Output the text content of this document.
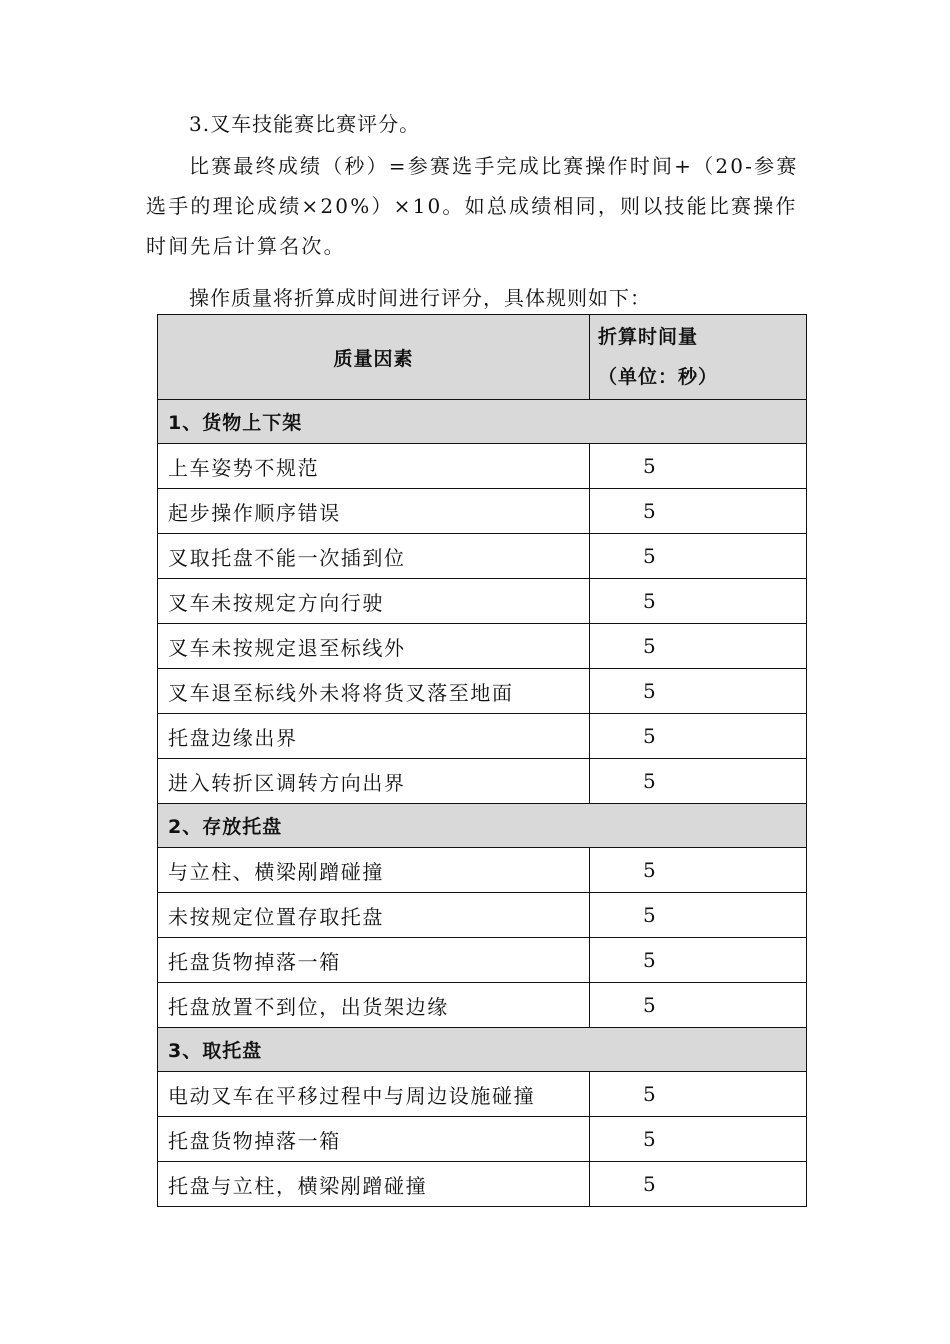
3.叉车技能赛比赛评分。

比赛最终成绩（秒）=参赛选手完成比赛操作时间+（20-参赛选手的理论成绩×20%）×10。如总成绩相同，则以技能比赛操作时间先后计算名次。

操作质量将折算成时间进行评分，具体规则如下：

质量因素	折算时间量
（单位：秒）

1、货物上下架	
上车姿势不规范	5
起步操作顺序错误	5
叉取托盘不能一次插到位	5
叉车未按规定方向行驶	5
叉车未按规定退至标线外	5
叉车退至标线外未将将货叉落至地面	5
托盘边缘出界	5
进入转折区调转方向出界	5
2、存放托盘	
与立柱、横梁剐蹭碰撞	5
未按规定位置存取托盘	5
托盘货物掉落一箱	5
托盘放置不到位，出货架边缘	5
3、取托盘	
电动叉车在平移过程中与周边设施碰撞	5
托盘货物掉落一箱	5
托盘与立柱，横梁剐蹭碰撞	5
